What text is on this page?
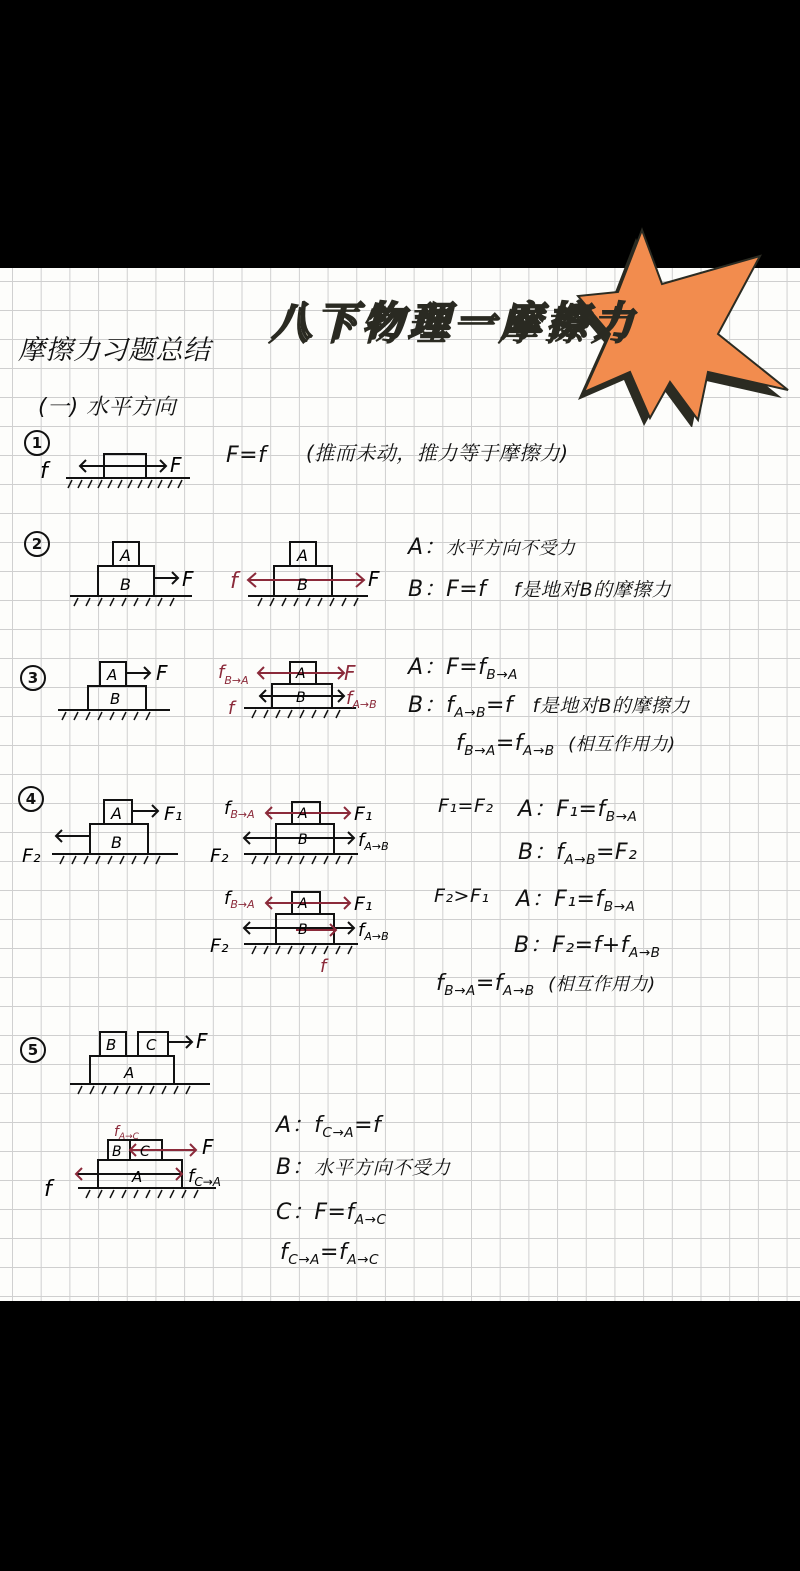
八下物理一摩擦力
摩擦力习题总结
(一) 水平方向
1
f	F F=f (推而未动，推力等于摩擦力)
2
A
B	F
A
B	F
f
A：水平方向不受力
B：F=f f是地对B的摩擦力
3	A
B
F	A
B
F
$f_{B\to A}$
f	$f_{A\to B}$
A：$F=f_{B\to A}$
B：$f_{A\to B}=f$ f是地对B的摩擦力
$f_{B\to A}=f_{A\to B}$ (相互作用力)
4
A
B
F₁
F₂
A
B
F₁
F₂
$f_{B\to A}$
$f_{A\to B}$
F₁=F₂ A：$F_1=f_{B\to A}$
B：$f_{A\to B}=F_2$
A
B
F₁
F₂
$f_{B\to A}$
$f_{A\to B}$
f
F₂>F₁ A：$F_1=f_{B\to A}$
B：$F_2=f+f_{A\to B}$
$f_{B\to A}=f_{A\to B}$ (相互作用力)
5	B C
A
F
B C
A
F
$f_{A\to C}$
f
$f_{C\to A}$
A：$f_{C\to A}=f$
B：水平方向不受力
C：$F=f_{A\to C}$
$f_{C\to A}=f_{A\to C}$
